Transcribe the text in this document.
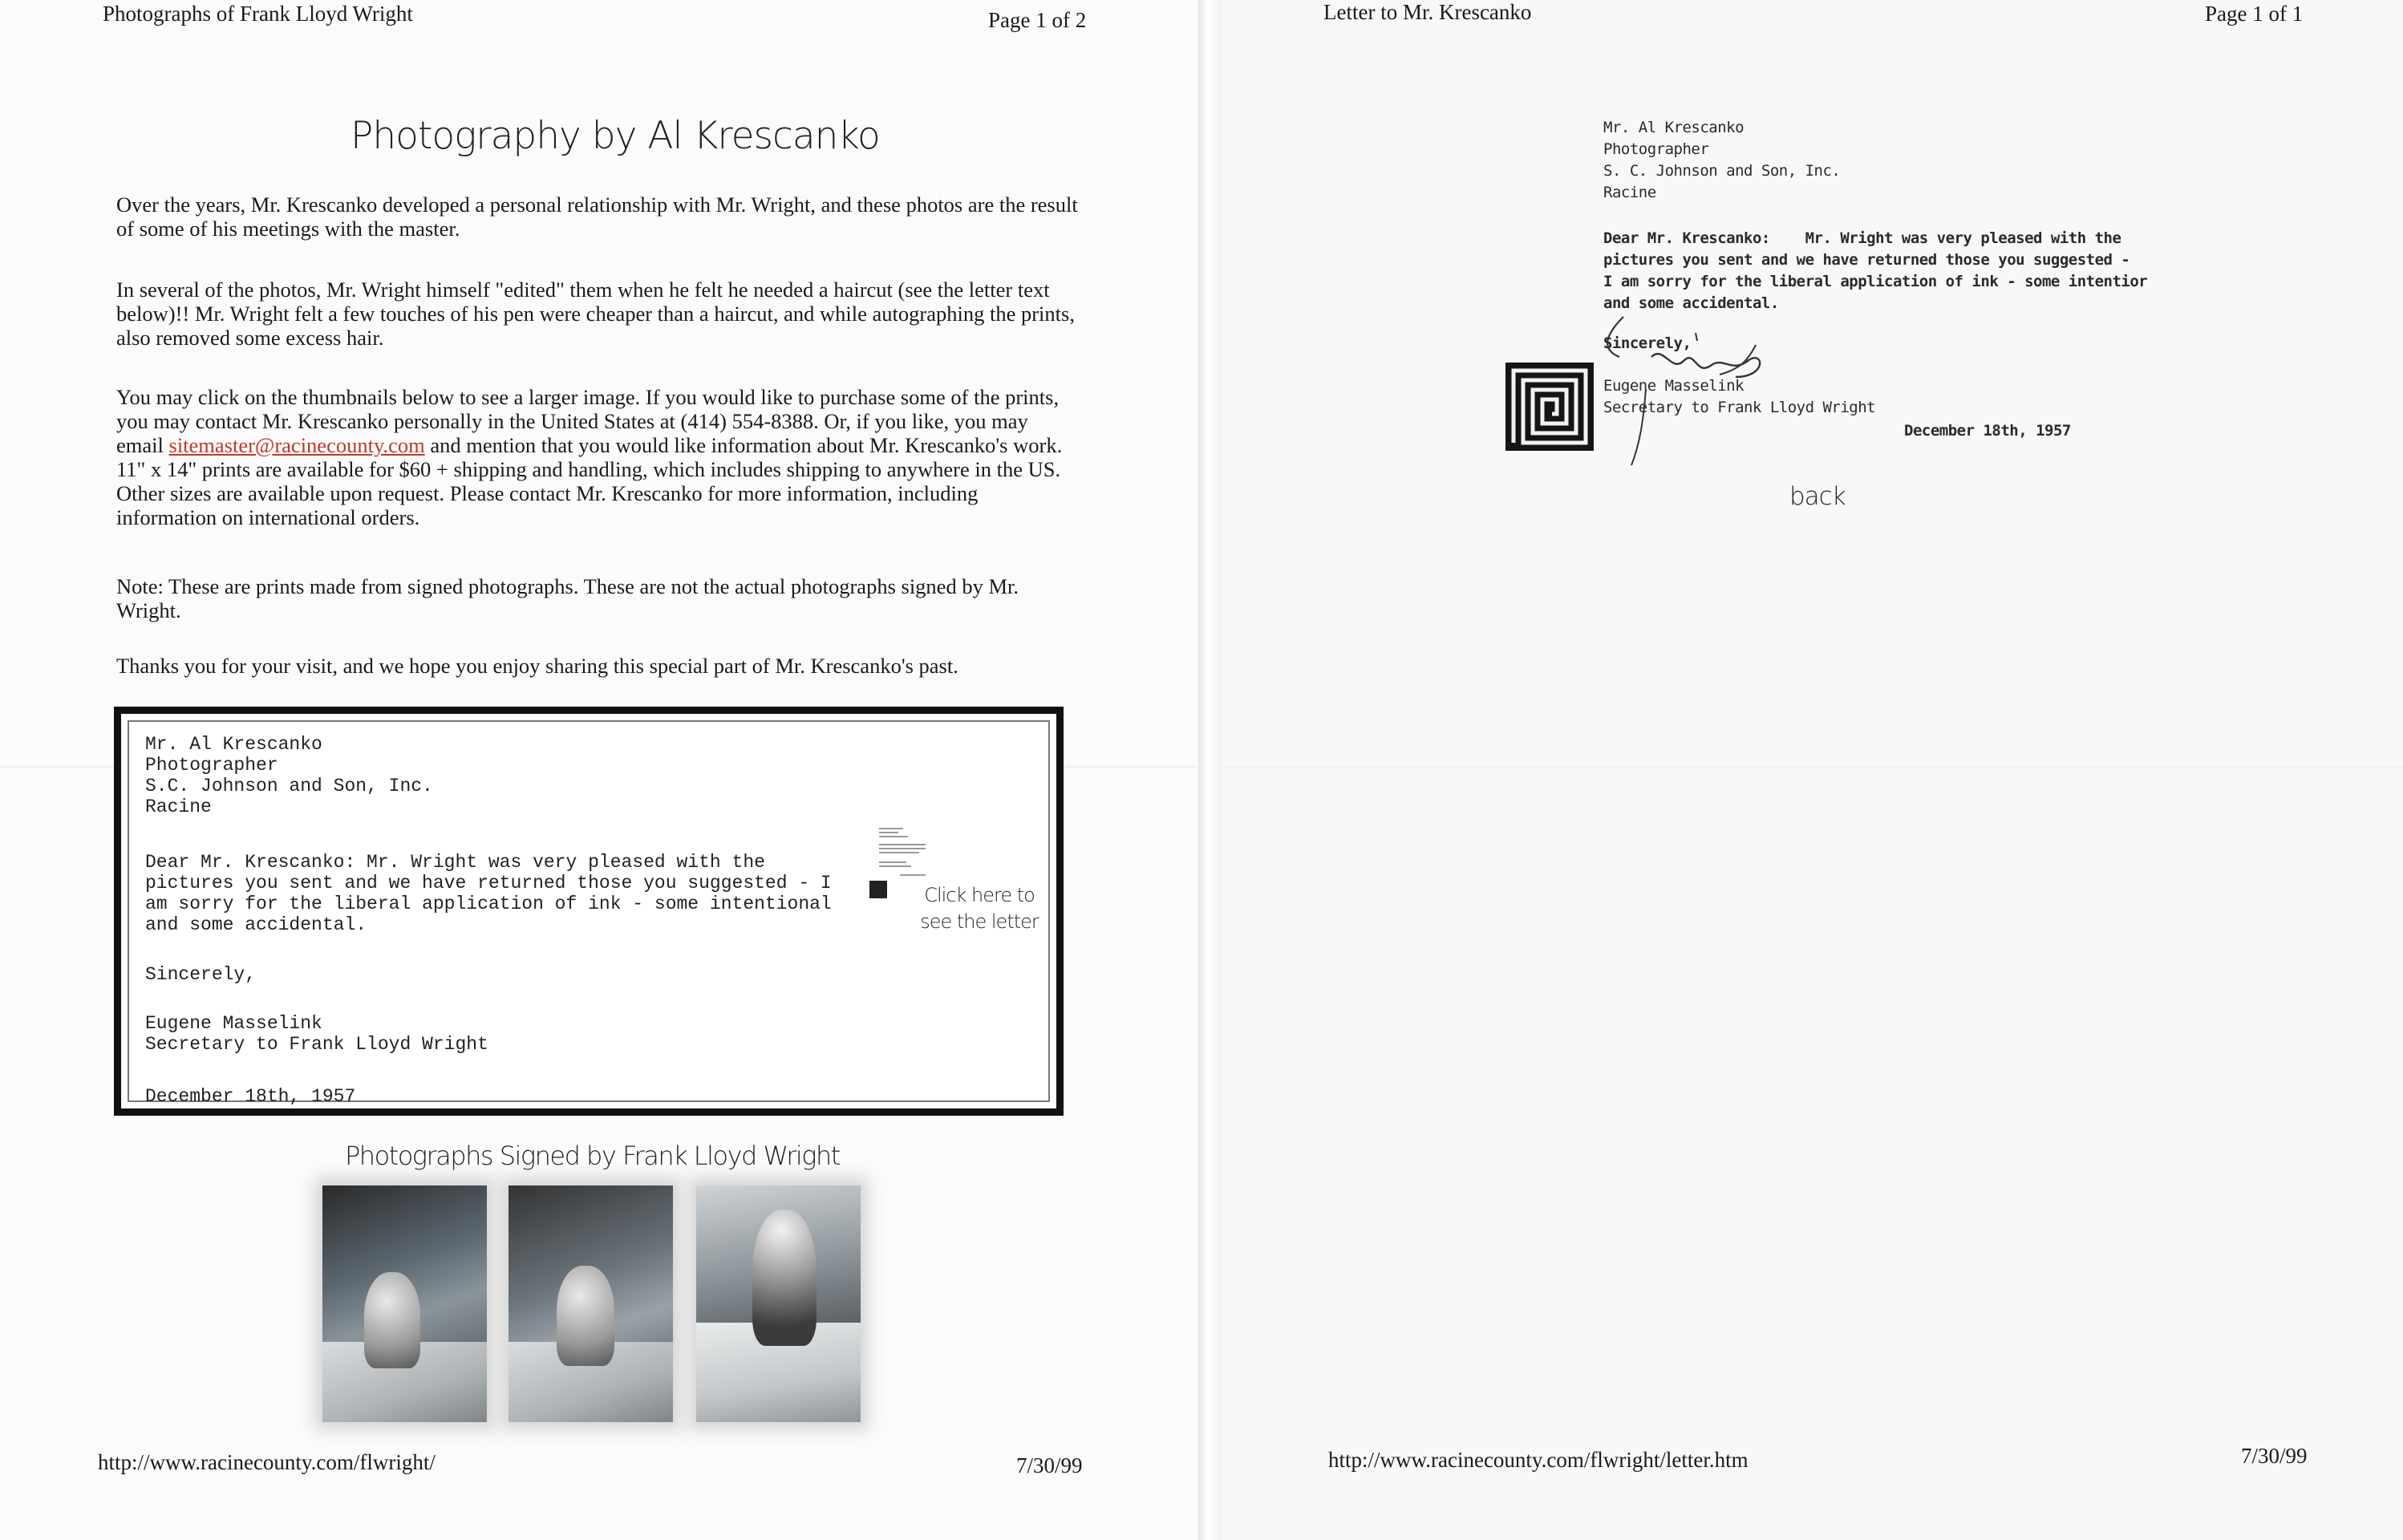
Photographs of Frank Lloyd Wright	Page 1 of 2
Photography by Al Krescanko

Over the years, Mr. Krescanko developed a personal relationship with Mr. Wright, and these photos are the result of some of his meetings with the master.

In several of the photos, Mr. Wright himself "edited" them when he felt he needed a haircut (see the letter text below)!! Mr. Wright felt a few touches of his pen were cheaper than a haircut, and while autographing the prints, also removed some excess hair.

You may click on the thumbnails below to see a larger image. If you would like to purchase some of the prints, you may contact Mr. Krescanko personally in the United States at (414) 554-8388. Or, if you like, you may email sitemaster@racinecounty.com and mention that you would like information about Mr. Krescanko's work. 11" x 14" prints are available for $60 + shipping and handling, which includes shipping to anywhere in the US. Other sizes are available upon request. Please contact Mr. Krescanko for more information, including information on international orders.

Note: These are prints made from signed photographs. These are not the actual photographs signed by Mr. Wright.

Thanks you for your visit, and we hope you enjoy sharing this special part of Mr. Krescanko's past.

Mr. Al Krescanko
Photographer
S.C. Johnson and Son, Inc.
Racine
Dear Mr. Krescanko: Mr. Wright was very pleased with the
pictures you sent and we have returned those you suggested - I
am sorry for the liberal application of ink - some intentional
and some accidental.
Sincerely,
Eugene Masselink
Secretary to Frank Lloyd Wright
December 18th, 1957
Click here to see the letter
Photographs Signed by Frank Lloyd Wright
http://www.racinecounty.com/flwright/	7/30/99
Letter to Mr. Krescanko	Page 1 of 1
Mr. Al Krescanko
Photographer
S. C. Johnson and Son, Inc.
Racine
Dear Mr. Krescanko:    Mr. Wright was very pleased with the
pictures you sent and we have returned those you suggested -
I am sorry for the liberal application of ink - some intentior
and some accidental.
Sincerely,
Eugene Masselink
Secretary to Frank Lloyd Wright
December 18th, 1957
back
http://www.racinecounty.com/flwright/letter.htm	7/30/99
